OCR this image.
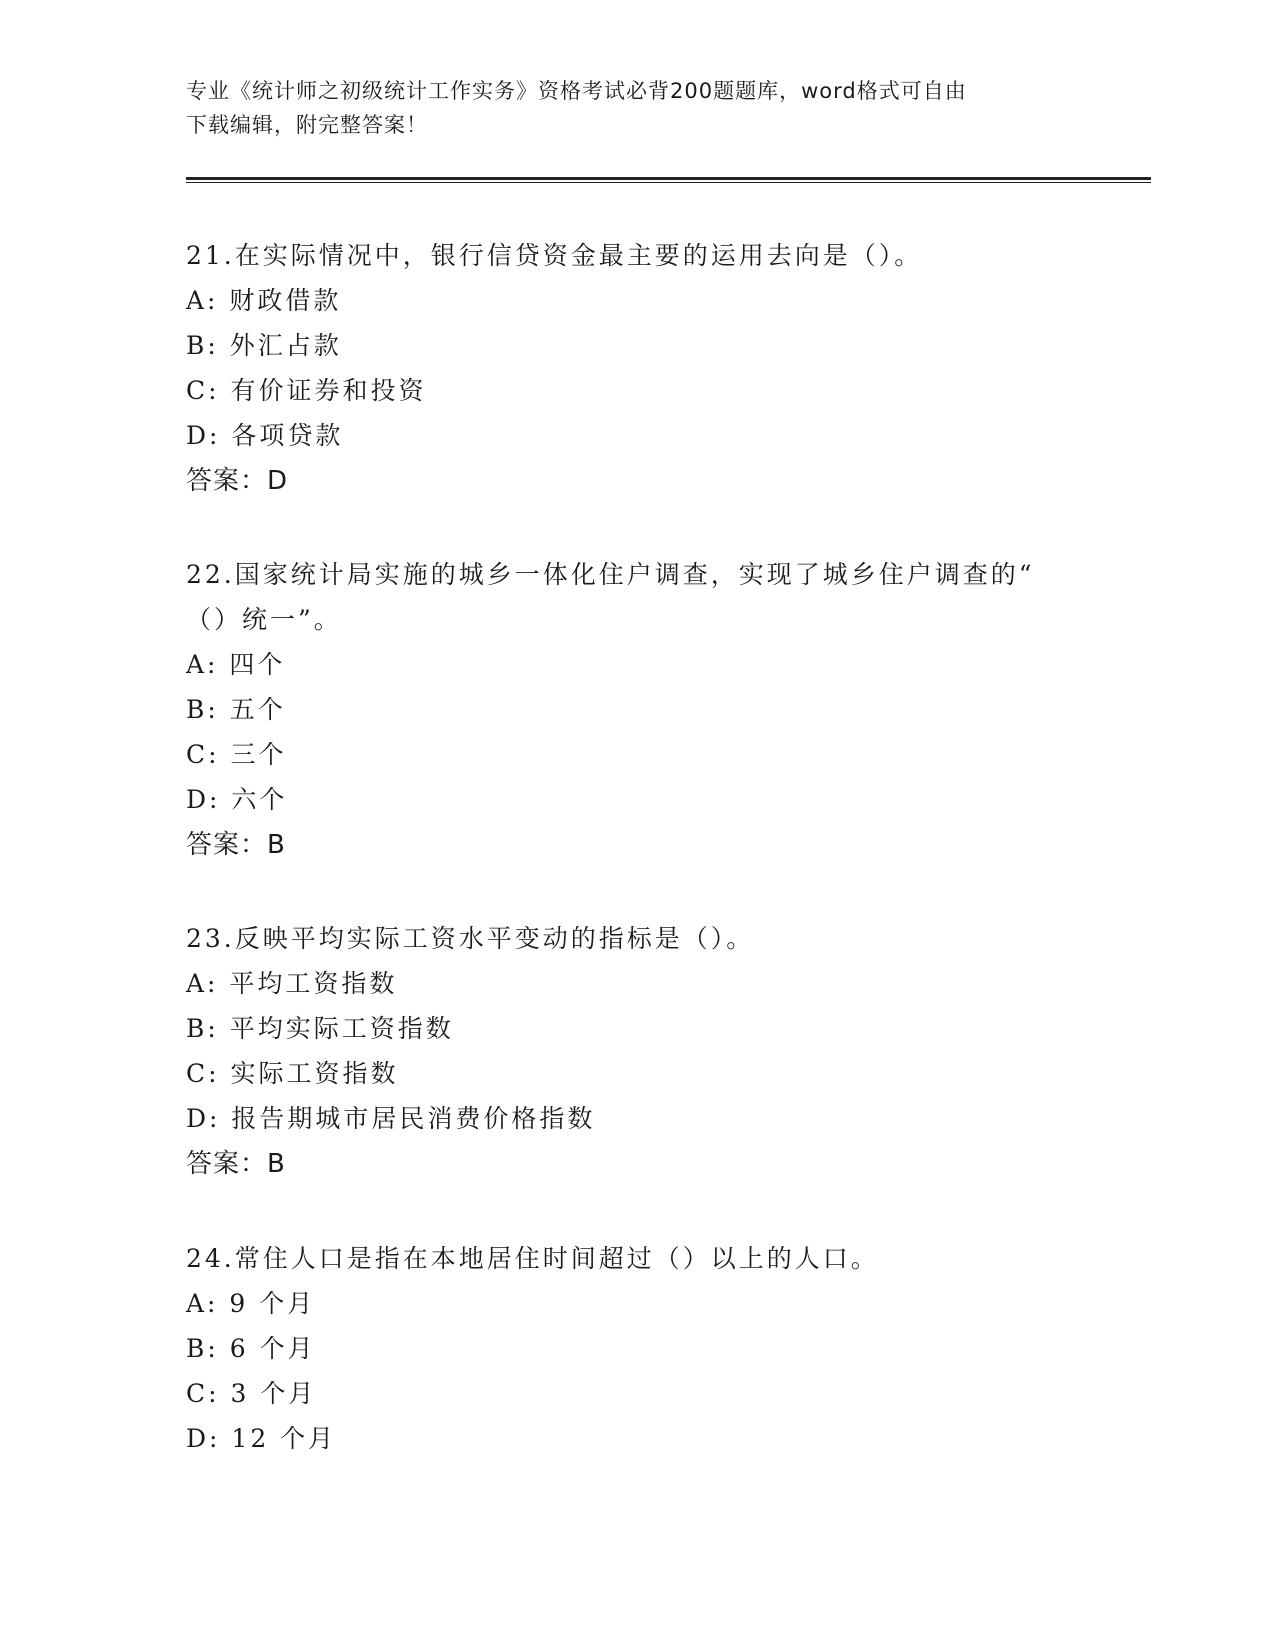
专业《统计师之初级统计工作实务》资格考试必背200题题库，word格式可自由
下载编辑，附完整答案！

21.在实际情况中，银行信贷资金最主要的运用去向是（）。

A: 财政借款

B: 外汇占款

C: 有价证券和投资

D: 各项贷款

答案：D

22.国家统计局实施的城乡一体化住户调查，实现了城乡住户调查的“

（）统一”。

A: 四个

B: 五个

C: 三个

D: 六个

答案：B

23.反映平均实际工资水平变动的指标是（）。

A: 平均工资指数

B: 平均实际工资指数

C: 实际工资指数

D: 报告期城市居民消费价格指数

答案：B

24.常住人口是指在本地居住时间超过（）以上的人口。

A: 9 个月

B: 6 个月

C: 3 个月

D: 12 个月
